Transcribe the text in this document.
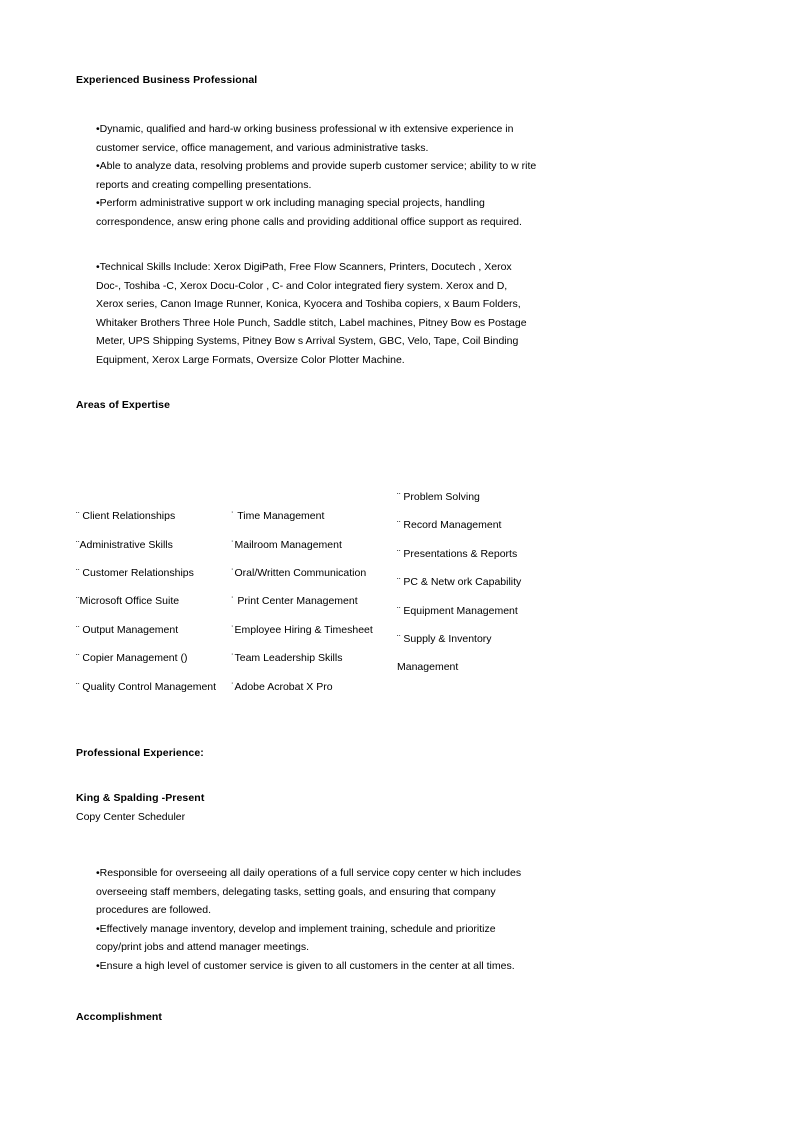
Experienced Business Professional
•Dynamic, qualified and hard-w orking business professional w ith extensive experience in
customer service, office management, and various administrative tasks.
•Able to analyze data, resolving problems and provide superb customer service; ability to w rite
reports and creating compelling presentations.
•Perform administrative support w ork including managing special projects, handling
correspondence, answ ering phone calls and providing additional office support as required.
•Technical Skills Include: Xerox DigiPath, Free Flow Scanners, Printers, Docutech , Xerox
Doc-, Toshiba -C, Xerox Docu-Color , C- and Color integrated fiery system. Xerox and D,
Xerox series, Canon Image Runner, Konica, Kyocera and Toshiba copiers, x Baum Folders,
Whitaker Brothers Three Hole Punch, Saddle stitch, Label machines, Pitney Bow es Postage
Meter, UPS Shipping Systems, Pitney Bow s Arrival System, GBC, Velo, Tape, Coil Binding
Equipment, Xerox Large Formats, Oversize Color Plotter Machine.
Areas of Expertise
¨ Client Relationships
¨Administrative Skills
¨ Customer Relationships
¨Microsoft Office Suite
¨ Output Management
¨ Copier Management ()
¨ Quality Control Management
˙ Time Management
˙Mailroom Management
˙Oral/Written Communication
˙ Print Center Management
˙Employee Hiring & Timesheet
˙Team Leadership Skills
˙Adobe Acrobat X Pro
¨ Problem Solving
¨ Record Management
¨ Presentations & Reports
¨ PC & Netw ork Capability
¨ Equipment Management
¨ Supply & Inventory
Management
Professional Experience:
King & Spalding -Present
Copy Center Scheduler
•Responsible for overseeing all daily operations of a full service copy center w hich includes
overseeing staff members, delegating tasks, setting goals, and ensuring that company
procedures are followed.
•Effectively manage inventory, develop and implement training, schedule and prioritize
copy/print jobs and attend manager meetings.
•Ensure a high level of customer service is given to all customers in the center at all times.
Accomplishment
